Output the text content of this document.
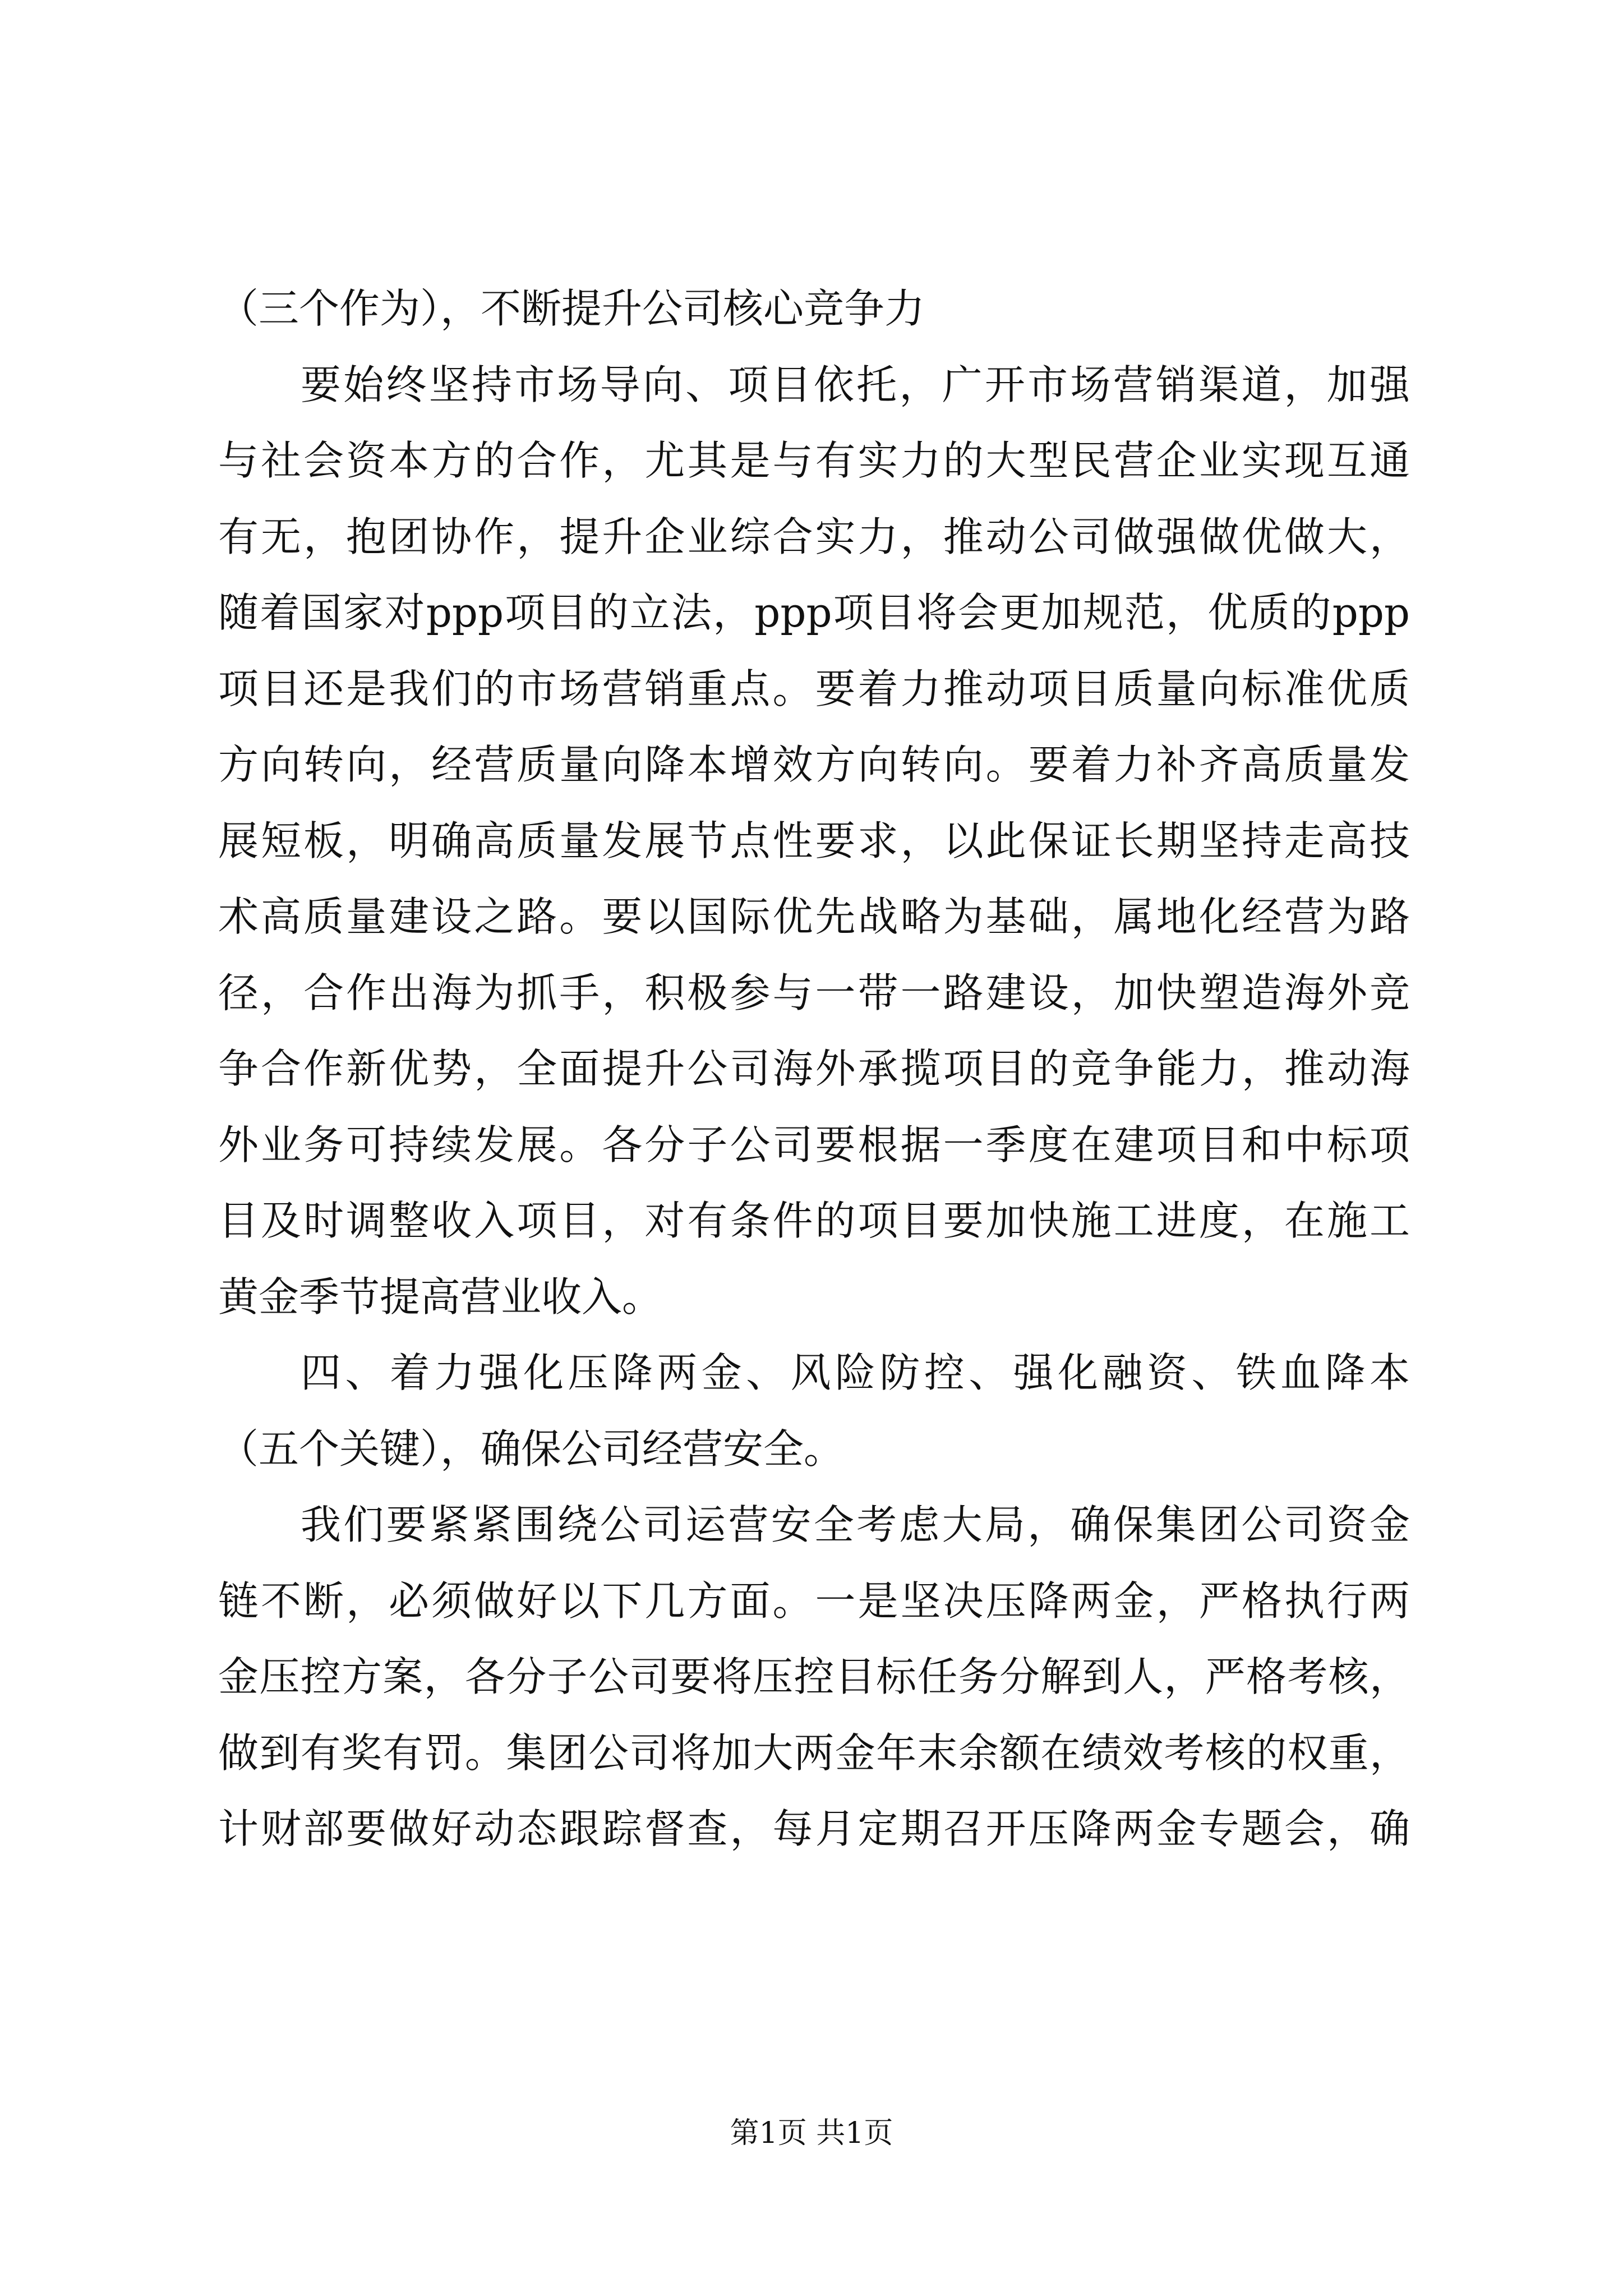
（三个作为），不断提升公司核心竞争力
要始终坚持市场导向、项目依托，广开市场营销渠道，加强
与社会资本方的合作，尤其是与有实力的大型民营企业实现互通
有无，抱团协作，提升企业综合实力，推动公司做强做优做大，
随着国家对ppp项目的立法，ppp项目将会更加规范，优质的ppp
项目还是我们的市场营销重点。要着力推动项目质量向标准优质
方向转向，经营质量向降本增效方向转向。要着力补齐高质量发
展短板，明确高质量发展节点性要求，以此保证长期坚持走高技
术高质量建设之路。要以国际优先战略为基础，属地化经营为路
径，合作出海为抓手，积极参与一带一路建设，加快塑造海外竞
争合作新优势，全面提升公司海外承揽项目的竞争能力，推动海
外业务可持续发展。各分子公司要根据一季度在建项目和中标项
目及时调整收入项目，对有条件的项目要加快施工进度，在施工
黄金季节提高营业收入。
四、着力强化压降两金、风险防控、强化融资、铁血降本
（五个关键），确保公司经营安全。
我们要紧紧围绕公司运营安全考虑大局，确保集团公司资金
链不断，必须做好以下几方面。一是坚决压降两金，严格执行两
金压控方案，各分子公司要将压控目标任务分解到人，严格考核，
做到有奖有罚。集团公司将加大两金年末余额在绩效考核的权重，
计财部要做好动态跟踪督查，每月定期召开压降两金专题会，确
第1页 共1页
